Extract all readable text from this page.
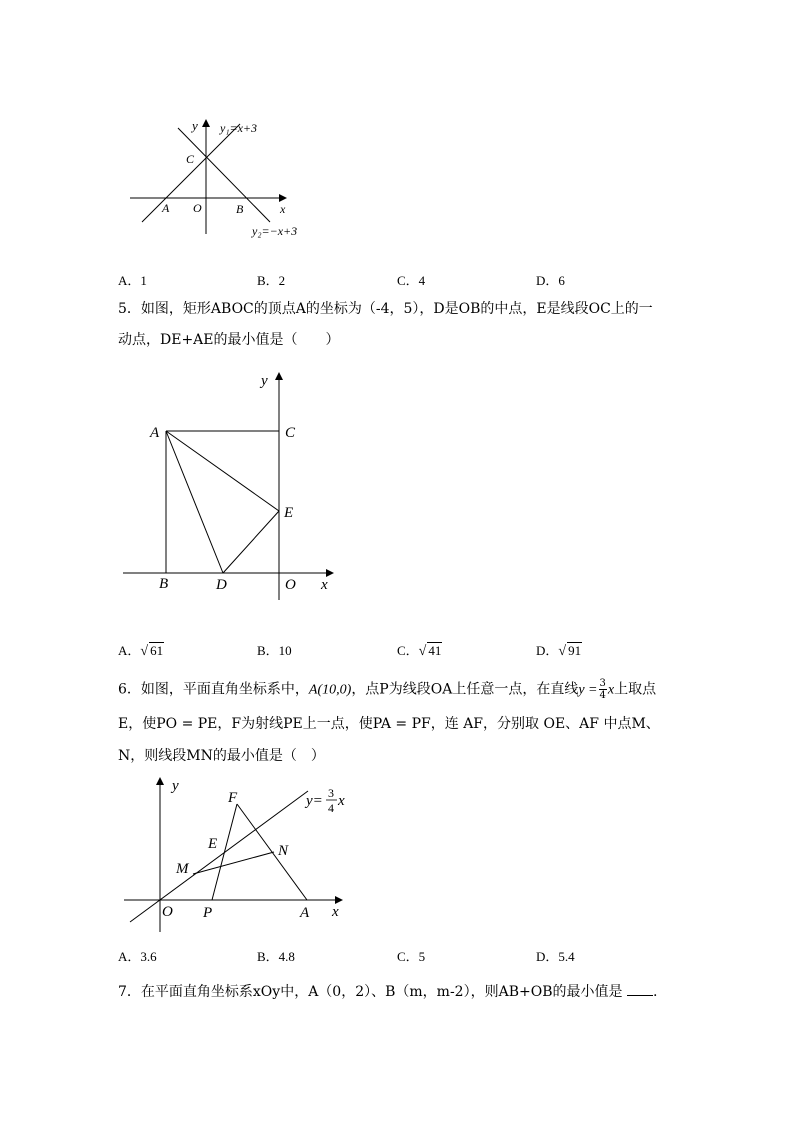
y y₁=x+3
C
A O	B	x
y₂=−x+3
A．1	B．2	C．4	D．6
5．如图，矩形ABOC的顶点A的坐标为（-4，5），D是OB的中点，E是线段OC上的一
动点，DE+AE的最小值是（　　）
y
A	C
E
B	D	O x
A．√ 61	B．10	C．√ 41	D．√ 91
6．如图，平面直角坐标系中，A(10,0)，点P为线段OA上任意一点，在直线$y = \frac{3}{4}$ x上取点
E，使PO = PE，F为射线PE上一点，使PA = PF，连 AF，分别取 OE、AF 中点M、
N，则线段MN的最小值是（　）
y
F	y= 3
4 x
E	N
M
O P	A x
A．3.6	B．4.8	C．5	D．5.4
7．在平面直角坐标系xOy中，A（0，2）、B（m，m-2），则AB+OB的最小值是 .
